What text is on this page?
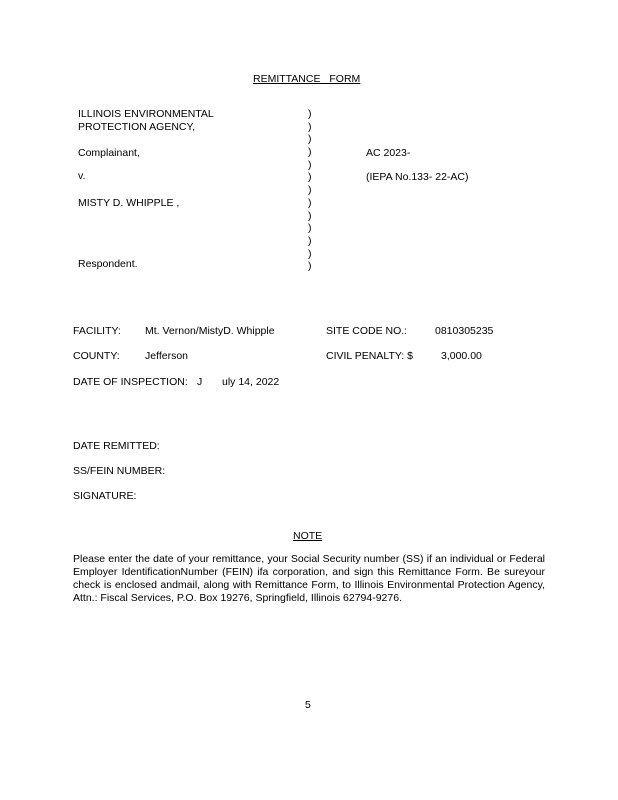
REMITTANCE FORM
ILLINOIS ENVIRONMENTAL
PROTECTION AGENCY,
Complainant,
v.
MISTY D. WHIPPLE ,
Respondent.
)
)
)
)
)
)
)
)
)
)
)
)
)
AC 2023-
(IEPA No.133- 22-AC)
FACILITY: Mt. Vernon/MistyD. Whipple	SITE CODE NO.:	0810305235
COUNTY: Jefferson	CIVIL PENALTY: $	3,000.00
DATE OF INSPECTION: J uly 14, 2022
DATE REMITTED:
SS/FEIN NUMBER:
SIGNATURE:
NOTE
Please enter the date of your remittance, your Social Security number (SS) if an individual or Federal Employer IdentificationNumber (FEIN) ifa corporation, and sign this Remittance Form. Be sureyour check is enclosed andmail, along with Remittance Form, to Illinois Environmental Protection Agency, Attn.: Fiscal Services, P.O. Box 19276, Springfield, Illinois 62794-9276.
5
